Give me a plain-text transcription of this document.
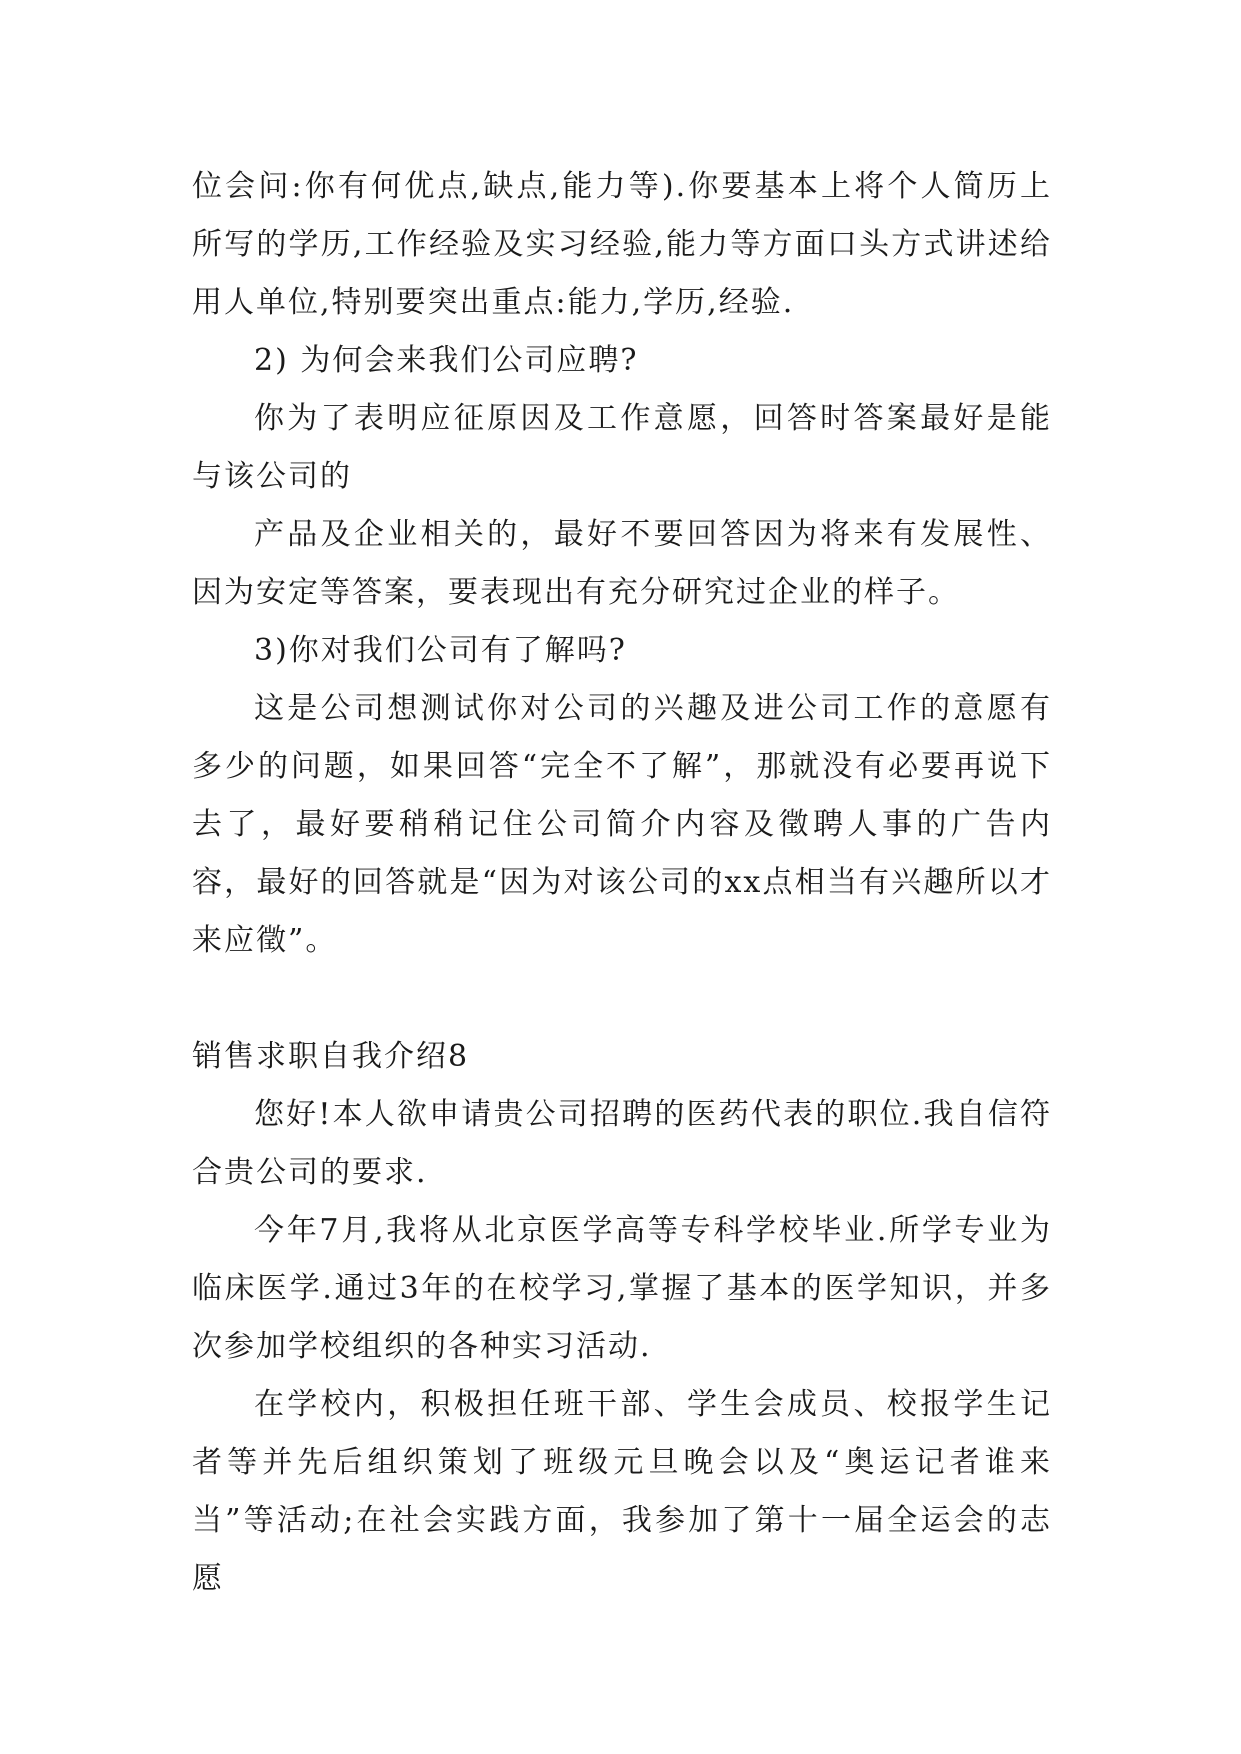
位会问:你有何优点,缺点,能力等).你要基本上将个人简历上所写的学历,工作经验及实习经验,能力等方面口头方式讲述给用人单位,特别要突出重点:能力,学历,经验.

2) 为何会来我们公司应聘?

你为了表明应征原因及工作意愿，回答时答案最好是能与该公司的

产品及企业相关的，最好不要回答因为将来有发展性、因为安定等答案，要表现出有充分研究过企业的样子。

3)你对我们公司有了解吗?

这是公司想测试你对公司的兴趣及进公司工作的意愿有多少的问题，如果回答“完全不了解”，那就没有必要再说下去了，最好要稍稍记住公司简介内容及徵聘人事的广告内容，最好的回答就是“因为对该公司的xx点相当有兴趣所以才来应徵”。

销售求职自我介绍8

您好!本人欲申请贵公司招聘的医药代表的职位.我自信符合贵公司的要求.

今年7月,我将从北京医学高等专科学校毕业.所学专业为临床医学.通过3年的在校学习,掌握了基本的医学知识，并多次参加学校组织的各种实习活动.

在学校内，积极担任班干部、学生会成员、校报学生记者等并先后组织策划了班级元旦晚会以及“奥运记者谁来当”等活动;在社会实践方面，我参加了第十一届全运会的志愿
